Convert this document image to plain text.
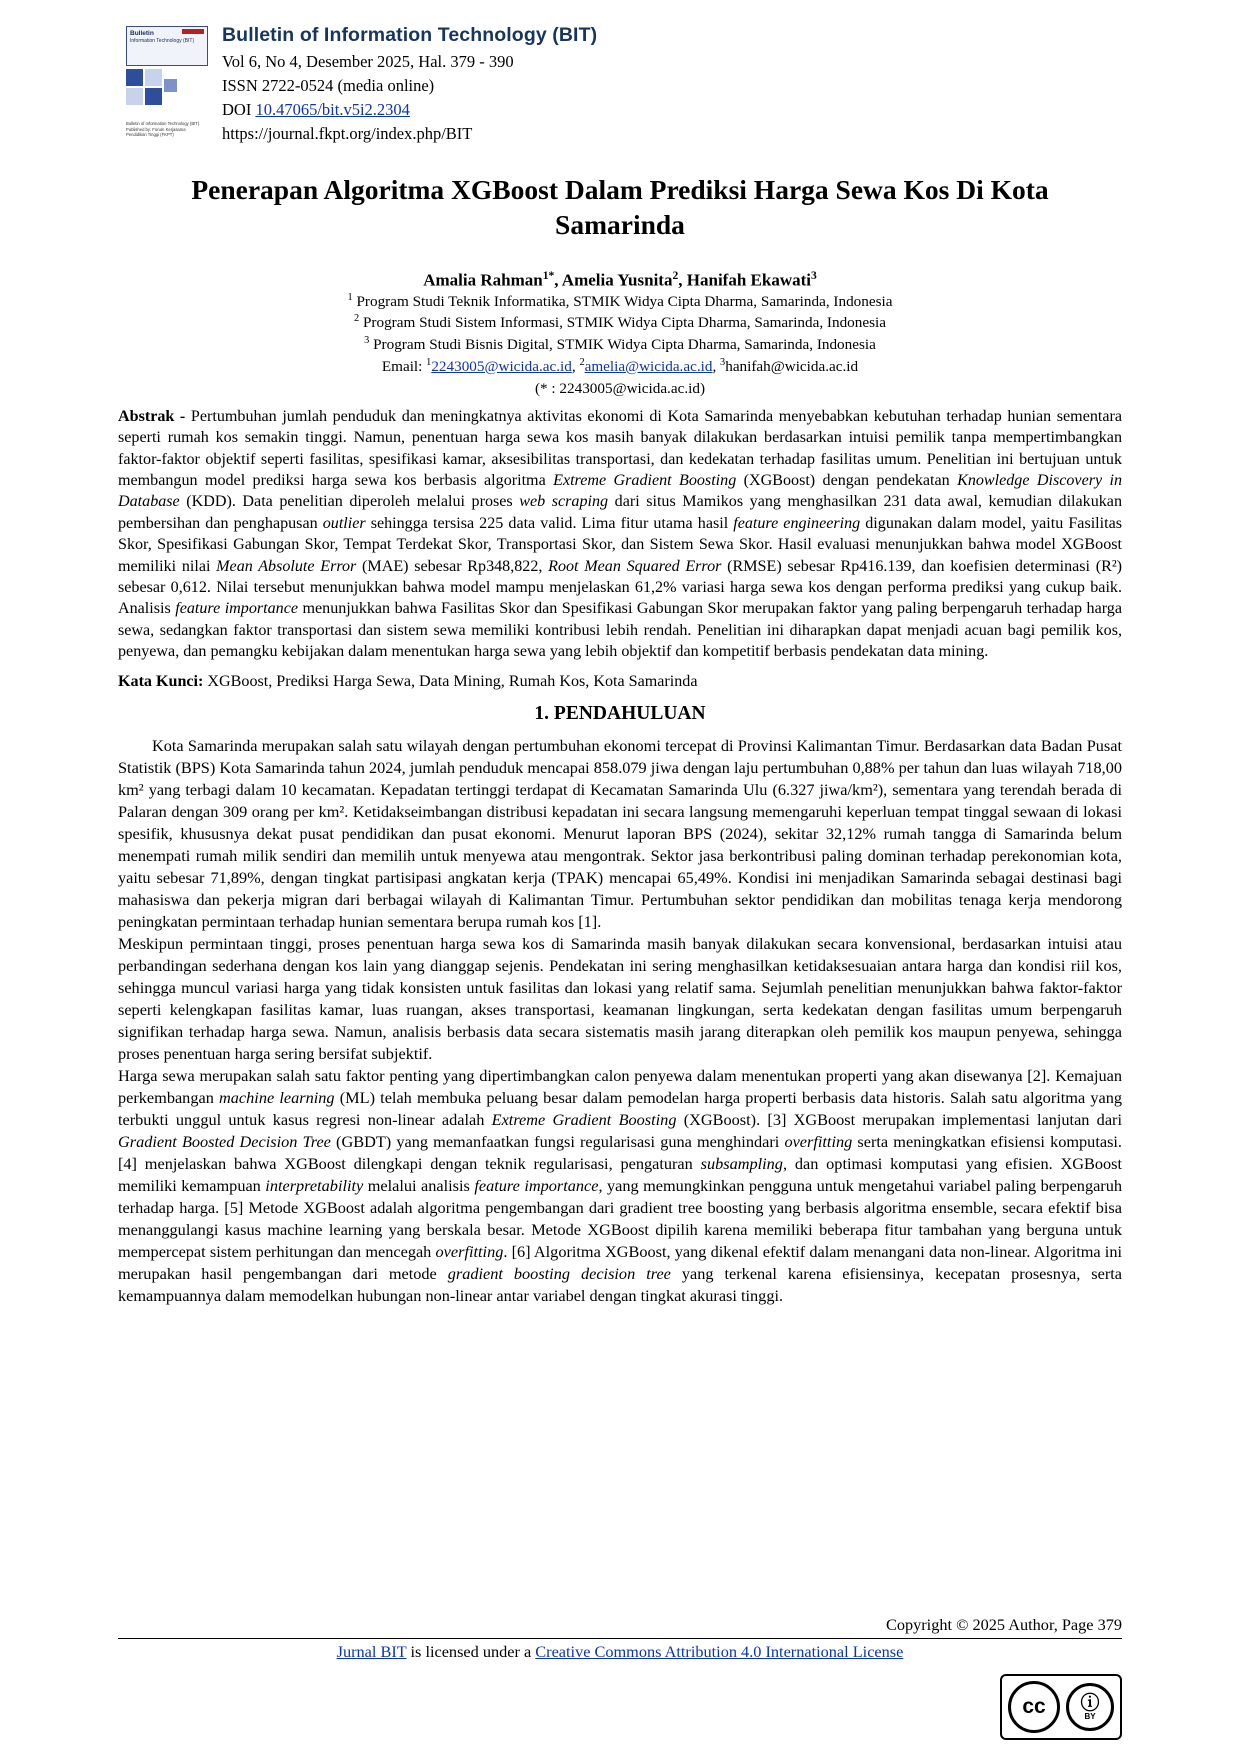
Bulletin
Information Technology (BIT)
Bulletin of Information Technology (BIT) Published by: Forum Kerjasama Pendidikan Tinggi (FKPT)
Bulletin of Information Technology (BIT)
Vol 6, No 4, Desember 2025, Hal. 379 - 390
ISSN 2722-0524 (media online)
DOI 10.47065/bit.v5i2.2304
https://journal.fkpt.org/index.php/BIT
Penerapan Algoritma XGBoost Dalam Prediksi Harga Sewa Kos Di Kota Samarinda
Amalia Rahman$^{1*}$, Amelia Yusnita$^2$, Hanifah Ekawati$^3$
$^1$ Program Studi Teknik Informatika, STMIK Widya Cipta Dharma, Samarinda, Indonesia
$^2$ Program Studi Sistem Informasi, STMIK Widya Cipta Dharma, Samarinda, Indonesia
$^3$ Program Studi Bisnis Digital, STMIK Widya Cipta Dharma, Samarinda, Indonesia
Email: $^1$2243005@wicida.ac.id, $^2$amelia@wicida.ac.id, $^3$hanifah@wicida.ac.id
(* : 2243005@wicida.ac.id)
Abstrak - Pertumbuhan jumlah penduduk dan meningkatnya aktivitas ekonomi di Kota Samarinda menyebabkan kebutuhan terhadap hunian sementara seperti rumah kos semakin tinggi. Namun, penentuan harga sewa kos masih banyak dilakukan berdasarkan intuisi pemilik tanpa mempertimbangkan faktor-faktor objektif seperti fasilitas, spesifikasi kamar, aksesibilitas transportasi, dan kedekatan terhadap fasilitas umum. Penelitian ini bertujuan untuk membangun model prediksi harga sewa kos berbasis algoritma Extreme Gradient Boosting (XGBoost) dengan pendekatan Knowledge Discovery in Database (KDD). Data penelitian diperoleh melalui proses web scraping dari situs Mamikos yang menghasilkan 231 data awal, kemudian dilakukan pembersihan dan penghapusan outlier sehingga tersisa 225 data valid. Lima fitur utama hasil feature engineering digunakan dalam model, yaitu Fasilitas Skor, Spesifikasi Gabungan Skor, Tempat Terdekat Skor, Transportasi Skor, dan Sistem Sewa Skor. Hasil evaluasi menunjukkan bahwa model XGBoost memiliki nilai Mean Absolute Error (MAE) sebesar Rp348,822, Root Mean Squared Error (RMSE) sebesar Rp416.139, dan koefisien determinasi (R²) sebesar 0,612. Nilai tersebut menunjukkan bahwa model mampu menjelaskan 61,2% variasi harga sewa kos dengan performa prediksi yang cukup baik. Analisis feature importance menunjukkan bahwa Fasilitas Skor dan Spesifikasi Gabungan Skor merupakan faktor yang paling berpengaruh terhadap harga sewa, sedangkan faktor transportasi dan sistem sewa memiliki kontribusi lebih rendah. Penelitian ini diharapkan dapat menjadi acuan bagi pemilik kos, penyewa, dan pemangku kebijakan dalam menentukan harga sewa yang lebih objektif dan kompetitif berbasis pendekatan data mining.
Kata Kunci: XGBoost, Prediksi Harga Sewa, Data Mining, Rumah Kos, Kota Samarinda
1. PENDAHULUAN

Kota Samarinda merupakan salah satu wilayah dengan pertumbuhan ekonomi tercepat di Provinsi Kalimantan Timur. Berdasarkan data Badan Pusat Statistik (BPS) Kota Samarinda tahun 2024, jumlah penduduk mencapai 858.079 jiwa dengan laju pertumbuhan 0,88% per tahun dan luas wilayah 718,00 km² yang terbagi dalam 10 kecamatan. Kepadatan tertinggi terdapat di Kecamatan Samarinda Ulu (6.327 jiwa/km²), sementara yang terendah berada di Palaran dengan 309 orang per km². Ketidakseimbangan distribusi kepadatan ini secara langsung memengaruhi keperluan tempat tinggal sewaan di lokasi spesifik, khususnya dekat pusat pendidikan dan pusat ekonomi. Menurut laporan BPS (2024), sekitar 32,12% rumah tangga di Samarinda belum menempati rumah milik sendiri dan memilih untuk menyewa atau mengontrak. Sektor jasa berkontribusi paling dominan terhadap perekonomian kota, yaitu sebesar 71,89%, dengan tingkat partisipasi angkatan kerja (TPAK) mencapai 65,49%. Kondisi ini menjadikan Samarinda sebagai destinasi bagi mahasiswa dan pekerja migran dari berbagai wilayah di Kalimantan Timur. Pertumbuhan sektor pendidikan dan mobilitas tenaga kerja mendorong peningkatan permintaan terhadap hunian sementara berupa rumah kos [1].

Meskipun permintaan tinggi, proses penentuan harga sewa kos di Samarinda masih banyak dilakukan secara konvensional, berdasarkan intuisi atau perbandingan sederhana dengan kos lain yang dianggap sejenis. Pendekatan ini sering menghasilkan ketidaksesuaian antara harga dan kondisi riil kos, sehingga muncul variasi harga yang tidak konsisten untuk fasilitas dan lokasi yang relatif sama. Sejumlah penelitian menunjukkan bahwa faktor-faktor seperti kelengkapan fasilitas kamar, luas ruangan, akses transportasi, keamanan lingkungan, serta kedekatan dengan fasilitas umum berpengaruh signifikan terhadap harga sewa. Namun, analisis berbasis data secara sistematis masih jarang diterapkan oleh pemilik kos maupun penyewa, sehingga proses penentuan harga sering bersifat subjektif.

Harga sewa merupakan salah satu faktor penting yang dipertimbangkan calon penyewa dalam menentukan properti yang akan disewanya [2]. Kemajuan perkembangan machine learning (ML) telah membuka peluang besar dalam pemodelan harga properti berbasis data historis. Salah satu algoritma yang terbukti unggul untuk kasus regresi non-linear adalah Extreme Gradient Boosting (XGBoost). [3] XGBoost merupakan implementasi lanjutan dari Gradient Boosted Decision Tree (GBDT) yang memanfaatkan fungsi regularisasi guna menghindari overfitting serta meningkatkan efisiensi komputasi. [4] menjelaskan bahwa XGBoost dilengkapi dengan teknik regularisasi, pengaturan subsampling, dan optimasi komputasi yang efisien. XGBoost memiliki kemampuan interpretability melalui analisis feature importance, yang memungkinkan pengguna untuk mengetahui variabel paling berpengaruh terhadap harga. [5] Metode XGBoost adalah algoritma pengembangan dari gradient tree boosting yang berbasis algoritma ensemble, secara efektif bisa menanggulangi kasus machine learning yang berskala besar. Metode XGBoost dipilih karena memiliki beberapa fitur tambahan yang berguna untuk mempercepat sistem perhitungan dan mencegah overfitting. [6] Algoritma XGBoost, yang dikenal efektif dalam menangani data non-linear. Algoritma ini merupakan hasil pengembangan dari metode gradient boosting decision tree yang terkenal karena efisiensinya, kecepatan prosesnya, serta kemampuannya dalam memodelkan hubungan non-linear antar variabel dengan tingkat akurasi tinggi.

Copyright © 2025 Author, Page 379
Jurnal BIT is licensed under a Creative Commons Attribution 4.0 International License
cc	ⓘ
BY
